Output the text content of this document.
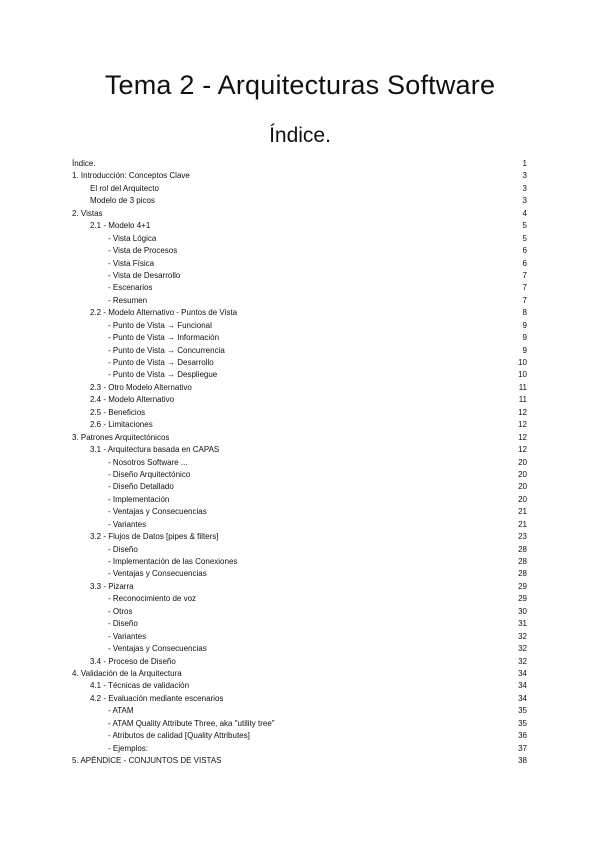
Tema 2 - Arquitecturas Software
Índice.
Índice.	1
1. Introducción: Conceptos Clave	3
El rol del Arquitecto	3
Modelo de 3 picos	3
2. Vistas	4
2.1 - Modelo 4+1	5
- Vista Lógica	5
- Vista de Procesos	6
- Vista Física	6
- Vista de Desarrollo	7
- Escenarios	7
- Resumen	7
2.2 - Modelo Alternativo - Puntos de Vista	8
- Punto de Vista → Funcional	9
- Punto de Vista → Información	9
- Punto de Vista → Concurrencia	9
- Punto de Vista → Desarrollo	10
- Punto de Vista → Despliegue	10
2.3 - Otro Modelo Alternativo	11
2.4 - Modelo Alternativo	11
2.5 - Beneficios	12
2.6 - Limitaciones	12
3. Patrones Arquitectónicos	12
3.1 - Arquitectura basada en CAPAS	12
- Nosotros Software ...	20
- Diseño Arquitectónico	20
- Diseño Detallado	20
- Implementación	20
- Ventajas y Consecuencias	21
- Variantes	21
3.2 - Flujos de Datos [pipes & filters]	23
- Diseño	28
- Implementación de las Conexiones	28
- Ventajas y Consecuencias	28
3.3 - Pizarra	29
- Reconocimiento de voz	29
- Otros	30
- Diseño	31
- Variantes	32
- Ventajas y Consecuencias	32
3.4 - Proceso de Diseño	32
4. Validación de la Arquitectura	34
4.1 - Técnicas de validación	34
4.2 - Evaluación mediante escenarios	34
- ATAM	35
- ATAM Quality Attribute Three, aka "utility tree"	35
- Atributos de calidad [Quality Attributes]	36
- Ejemplos:	37
5. APÉNDICE - CONJUNTOS DE VISTAS	38
